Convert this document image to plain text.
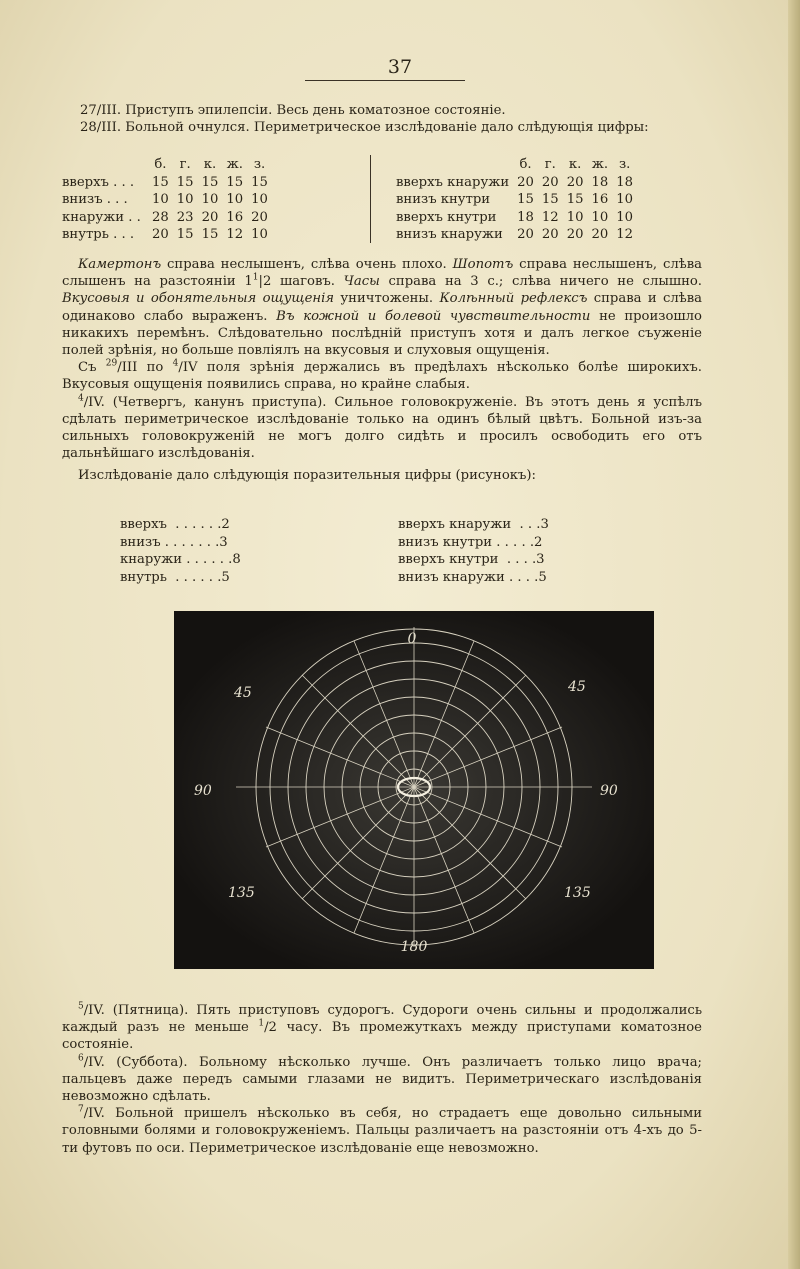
37

27/III. Приступъ эпилепсіи. Весь день коматозное состояніе.

28/III. Больной очнулся. Периметрическое изслѣдованіе дало слѣдующія цифры:

	б.	г.	к.	ж.	з.
вверхъ . . .	15	15	15	15	15
внизъ . . .	10	10	10	10	10
кнаружи . .	28	23	20	16	20
внутрь . . .	20	15	15	12	10
	б.	г.	к.	ж.	з.
вверхъ кнаружи	20	20	20	18	18
внизъ кнутри	15	15	15	16	10
вверхъ кнутри	18	12	10	10	10
внизъ кнаружи	20	20	20	20	12

Камертонъ справа неслышенъ, слѣва очень плохо. Шопотъ справа неслышенъ, слѣва слышенъ на разстояніи $1^1|2$ шаговъ. Часы справа на 3 с.; слѣва ничего не слышно. Вкусовыя и обонятельныя ощущенія уничтожены. Колѣнный рефлексъ справа и слѣва одинаково слабо выраженъ. Въ кожной и болевой чувствительности не произошло никакихъ перемѣнъ. Слѣдовательно послѣдній приступъ хотя и далъ легкое съуженіе полей зрѣнія, но больше повліялъ на вкусовыя и слуховыя ощущенія.

Съ $^{29}$/III по $^4$/IV поля зрѣнія держались въ предѣлахъ нѣсколько болѣе широкихъ. Вкусовыя ощущенія появились справа, но крайне слабыя.

$^4$/IV. (Четвергъ, канунъ приступа). Сильное головокруженіе. Въ этотъ день я успѣлъ сдѣлать периметрическое изслѣдованіе только на одинъ бѣлый цвѣтъ. Больной изъ-за сильныхъ головокруженій не могъ долго сидѣть и просилъ освободить его отъ дальнѣйшаго изслѣдованія.

Изслѣдованіе дало слѣдующія поразительныя цифры (рисунокъ):

вверхъ  . . . . . . 2
внизъ . . . . . . . 3
кнаружи . . . . . . 8
внутрь  . . . . . . 5
вверхъ кнаружи  . . . 3
внизъ кнутри . . . . . 2
вверхъ кнутри  . . . . 3
внизъ кнаружи . . . . 5
0
45	45
90	90
135	135
180

$^5$/IV. (Пятница). Пять приступовъ судорогъ. Судороги очень сильны и продолжались каждый разъ не меньше $^1$/2 часу. Въ промежуткахъ между приступами коматозное состояніе.

$^6$/IV. (Суббота). Больному нѣсколько лучше. Онъ различаетъ только лицо врача; пальцевъ даже передъ самыми глазами не видитъ. Периметрическаго изслѣдованія невозможно сдѣлать.

$^7$/IV. Больной пришелъ нѣсколько въ себя, но страдаетъ еще довольно сильными головными болями и головокруженіемъ. Пальцы различаетъ на разстояніи отъ 4-хъ до 5-ти футовъ по оси. Периметрическое изслѣдованіе еще невозможно.
